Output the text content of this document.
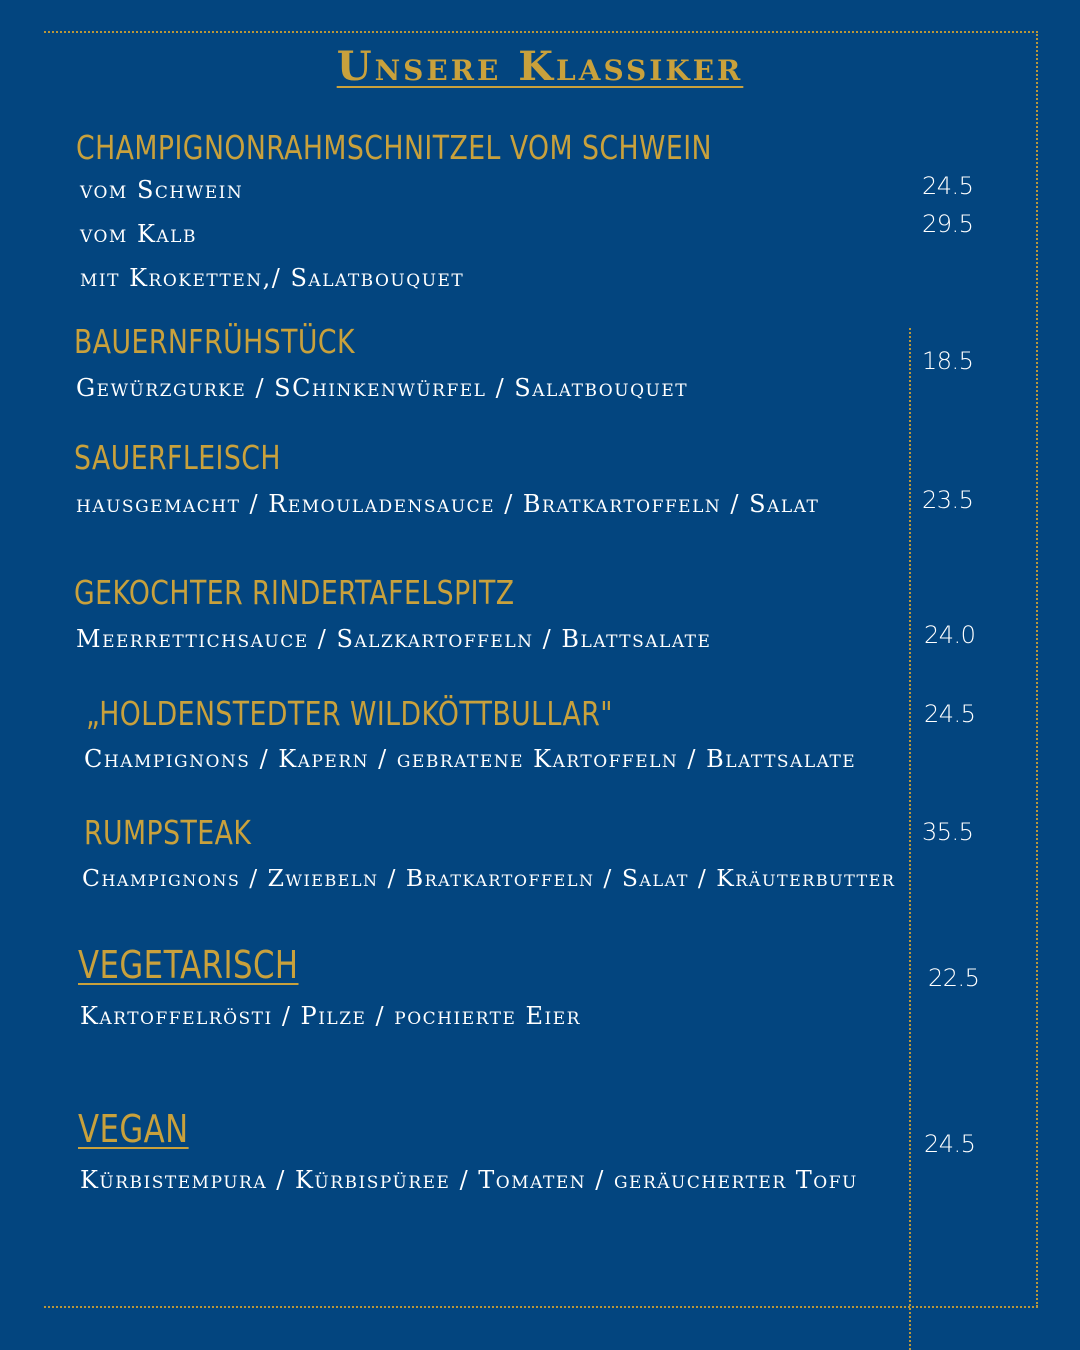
Unsere Klassiker
CHAMPIGNONRAHMSCHNITZEL VOM SCHWEIN
vom Schwein
vom Kalb
mit Kroketten,/ Salatbouquet
24.5
29.5
BAUERNFRÜHSTÜCK
Gewürzgurke / SChinkenwürfel / Salatbouquet
18.5
SAUERFLEISCH
hausgemacht / Remouladensauce / Bratkartoffeln / Salat	23.5
GEKOCHTER RINDERTAFELSPITZ
Meerrettichsauce / Salzkartoffeln / Blattsalate	24.0
„HOLDENSTEDTER WILDKÖTTBULLAR"
Champignons / Kapern / gebratene Kartoffeln / Blattsalate
24.5
RUMPSTEAK
Champignons / Zwiebeln / Bratkartoffeln / Salat / Kräuterbutter
35.5
VEGETARISCH
Kartoffelrösti / Pilze / pochierte Eier
22.5
VEGAN
Kürbistempura / Kürbispüree / Tomaten / geräucherter Tofu
24.5
